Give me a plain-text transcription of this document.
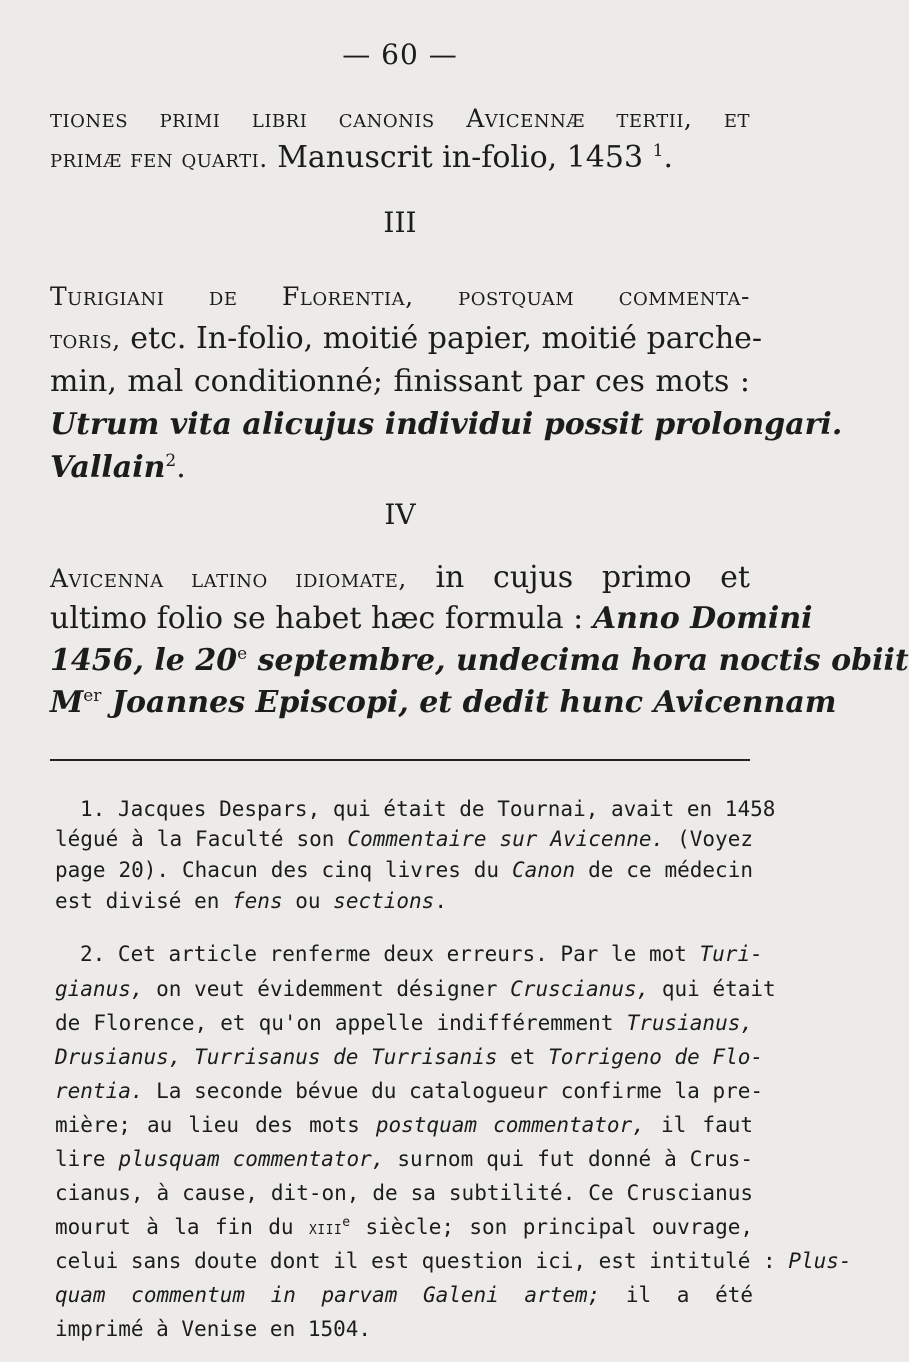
— 60 —
tiones primi libri canonis Avicennæ tertii, et
primæ fen quarti. Manuscrit in-folio, 1453 $^1$.
III
Turigiani de Florentia, postquam commenta-
toris, etc. In-folio, moitié papier, moitié parche-
min, mal conditionné; finissant par ces mots :
Utrum vita alicujus individui possit prolongari.
Vallain$^2$.
IV
Avicenna latino idiomate, in cujus primo et
ultimo folio se habet hæc formula : Anno Domini
1456, le 20e septembre, undecima hora noctis obiit
Mer Joannes Episcopi, et dedit hunc Avicennam
1. Jacques Despars, qui était de Tournai, avait en 1458
légué à la Faculté son Commentaire sur Avicenne. (Voyez
page 20). Chacun des cinq livres du Canon de ce médecin
est divisé en fens ou sections.
2. Cet article renferme deux erreurs. Par le mot Turi-
gianus, on veut évidemment désigner Cruscianus, qui était
de Florence, et qu'on appelle indifféremment Trusianus,
Drusianus, Turrisanus de Turrisanis et Torrigeno de Flo-
rentia. La seconde bévue du catalogueur confirme la pre-
mière; au lieu des mots postquam commentator, il faut
lire plusquam commentator, surnom qui fut donné à Crus-
cianus, à cause, dit-on, de sa subtilité. Ce Cruscianus
mourut à la fin du xiii$^e$ siècle; son principal ouvrage,
celui sans doute dont il est question ici, est intitulé : Plus-
quam commentum in parvam Galeni artem; il a été
imprimé à Venise en 1504.
